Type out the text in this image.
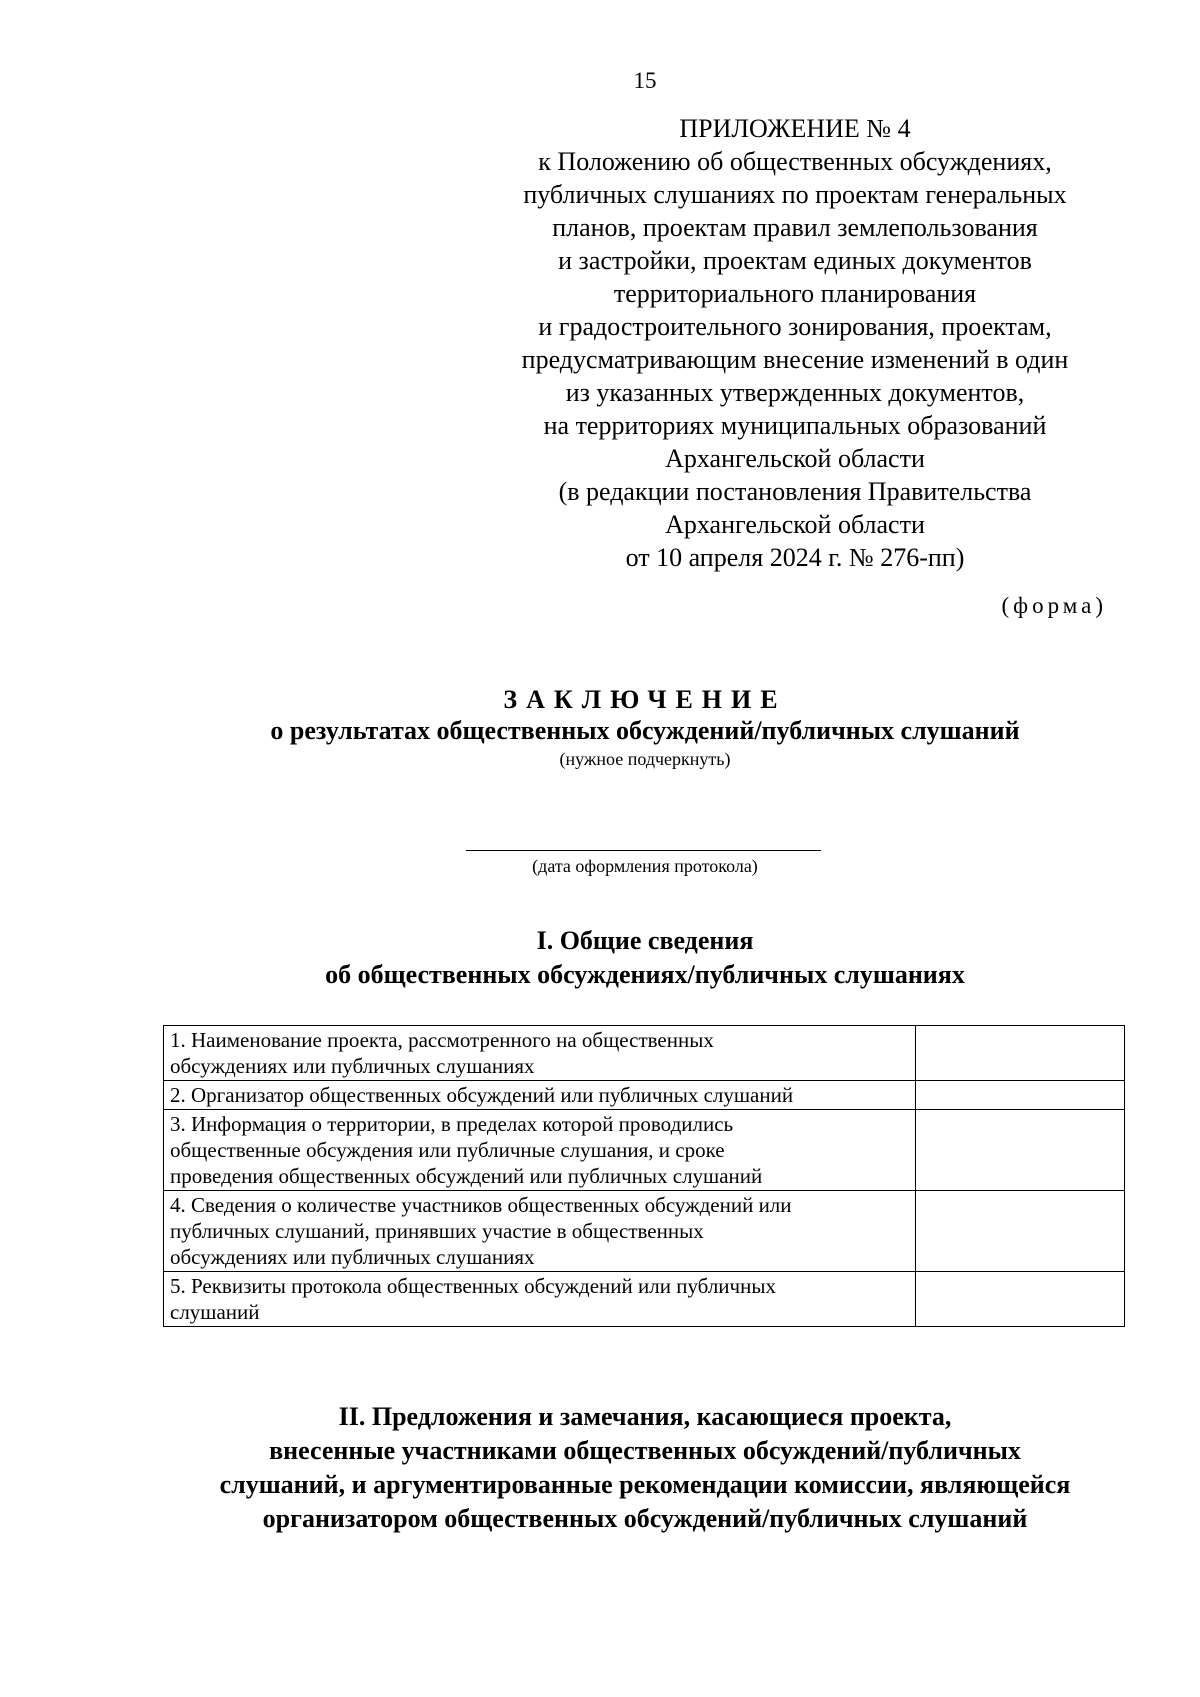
15
ПРИЛОЖЕНИЕ № 4
к Положению об общественных обсуждениях,
публичных слушаниях по проектам генеральных
планов, проектам правил землепользования
и застройки, проектам единых документов
территориального планирования
и градостроительного зонирования, проектам,
предусматривающим внесение изменений в один
из указанных утвержденных документов,
на территориях муниципальных образований
Архангельской области
(в редакции постановления Правительства
Архангельской области
от 10 апреля 2024 г. № 276-пп)
(форма)
ЗАКЛЮЧЕНИЕ
о результатах общественных обсуждений/публичных слушаний
(нужное подчеркнуть)
(дата оформления протокола)
I. Общие сведения
об общественных обсуждениях/публичных слушаниях
1. Наименование проекта, рассмотренного на общественных
обсуждениях или публичных слушаниях	

2. Организатор общественных обсуждений или публичных слушаний	

3. Информация о территории, в пределах которой проводились
общественные обсуждения или публичные слушания, и сроке
проведения общественных обсуждений или публичных слушаний	

4. Сведения о количестве участников общественных обсуждений или
публичных слушаний, принявших участие в общественных
обсуждениях или публичных слушаниях	

5. Реквизиты протокола общественных обсуждений или публичных
слушаний	

II. Предложения и замечания, касающиеся проекта,
внесенные участниками общественных обсуждений/публичных
слушаний, и аргументированные рекомендации комиссии, являющейся
организатором общественных обсуждений/публичных слушаний
